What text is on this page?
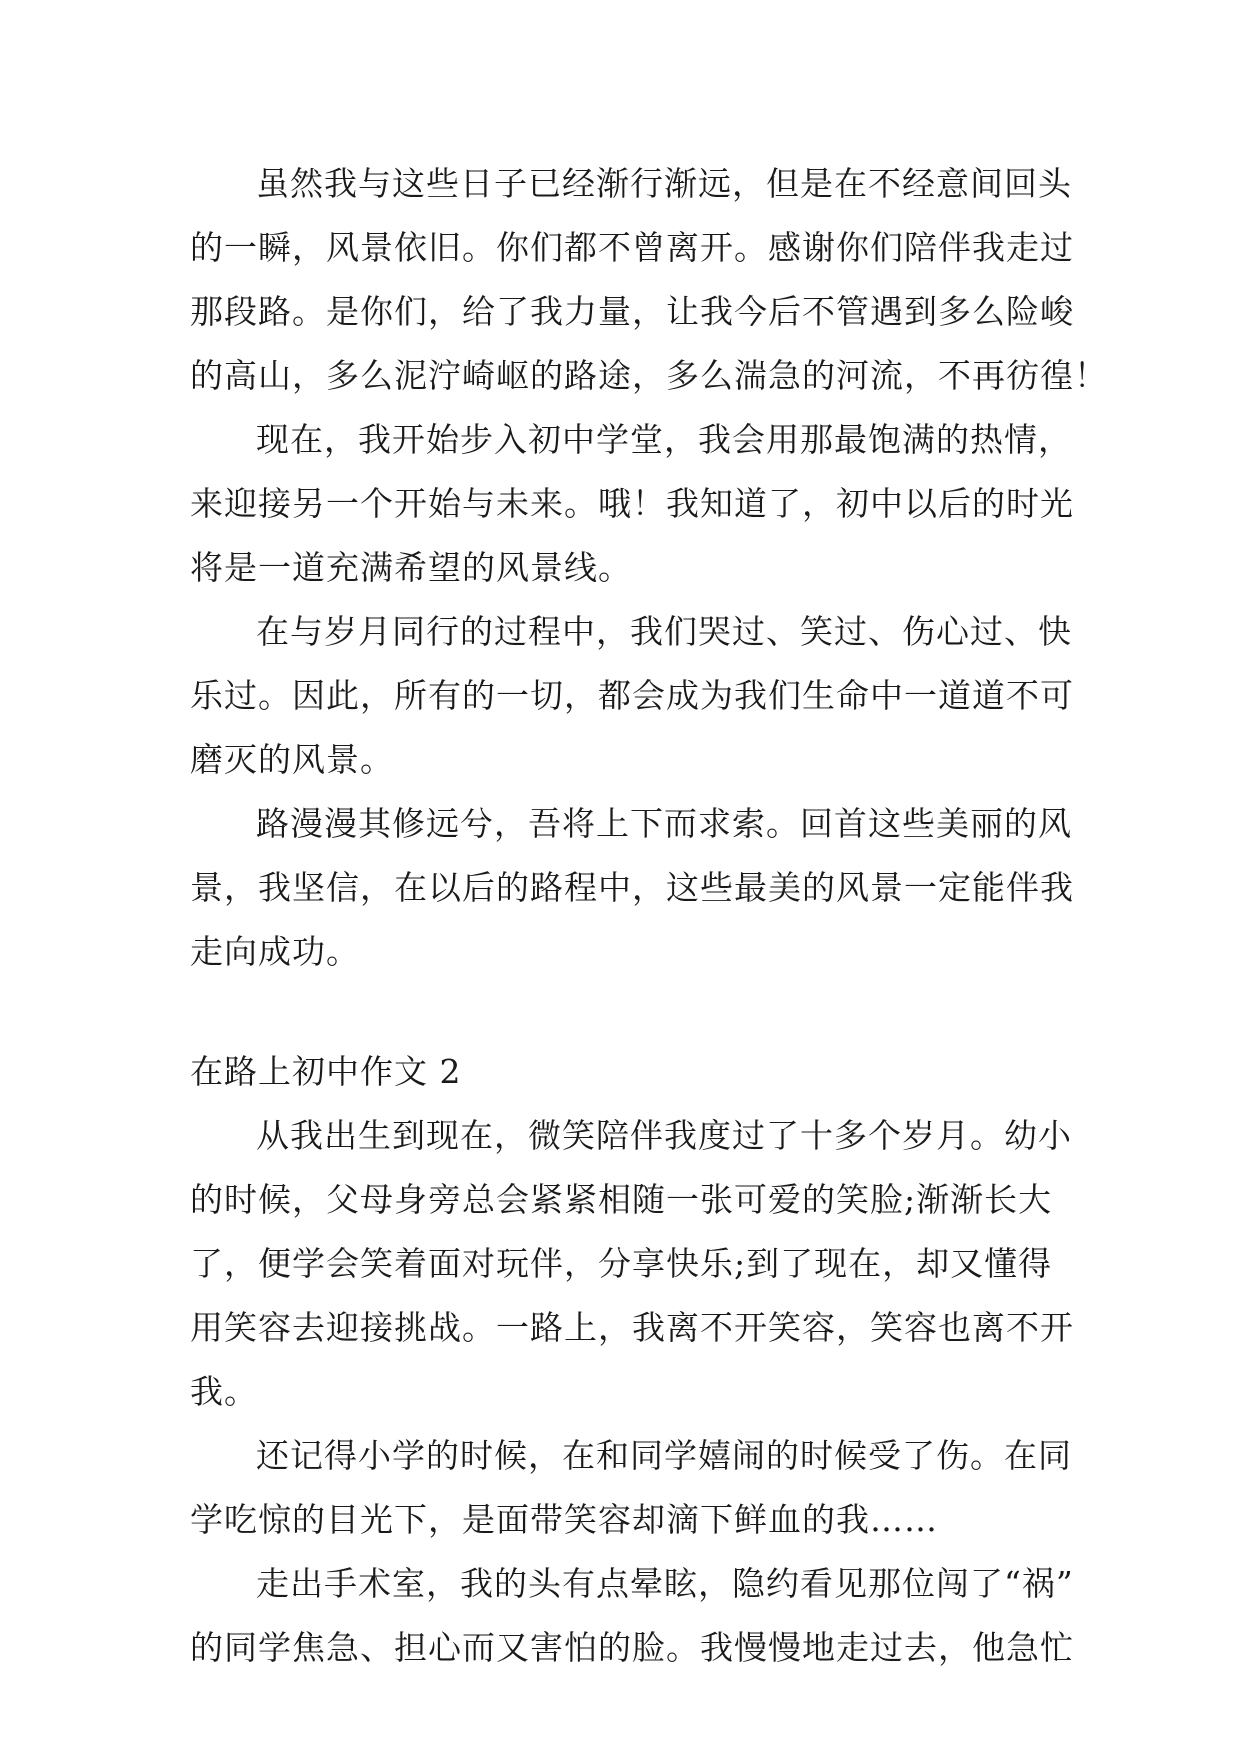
虽然我与这些日子已经渐行渐远，但是在不经意间回头
的一瞬，风景依旧。你们都不曾离开。感谢你们陪伴我走过
那段路。是你们，给了我力量，让我今后不管遇到多么险峻
的高山，多么泥泞崎岖的路途，多么湍急的河流，不再彷徨！
现在，我开始步入初中学堂，我会用那最饱满的热情，
来迎接另一个开始与未来。哦！我知道了，初中以后的时光
将是一道充满希望的风景线。
在与岁月同行的过程中，我们哭过、笑过、伤心过、快
乐过。因此，所有的一切，都会成为我们生命中一道道不可
磨灭的风景。
路漫漫其修远兮，吾将上下而求索。回首这些美丽的风
景，我坚信，在以后的路程中，这些最美的风景一定能伴我
走向成功。
在路上初中作文 2
从我出生到现在，微笑陪伴我度过了十多个岁月。幼小
的时候，父母身旁总会紧紧相随一张可爱的笑脸;渐渐长大
了，便学会笑着面对玩伴，分享快乐;到了现在，却又懂得
用笑容去迎接挑战。一路上，我离不开笑容，笑容也离不开
我。
还记得小学的时候，在和同学嬉闹的时候受了伤。在同
学吃惊的目光下，是面带笑容却滴下鲜血的我……
走出手术室，我的头有点晕眩，隐约看见那位闯了“祸”
的同学焦急、担心而又害怕的脸。我慢慢地走过去，他急忙
